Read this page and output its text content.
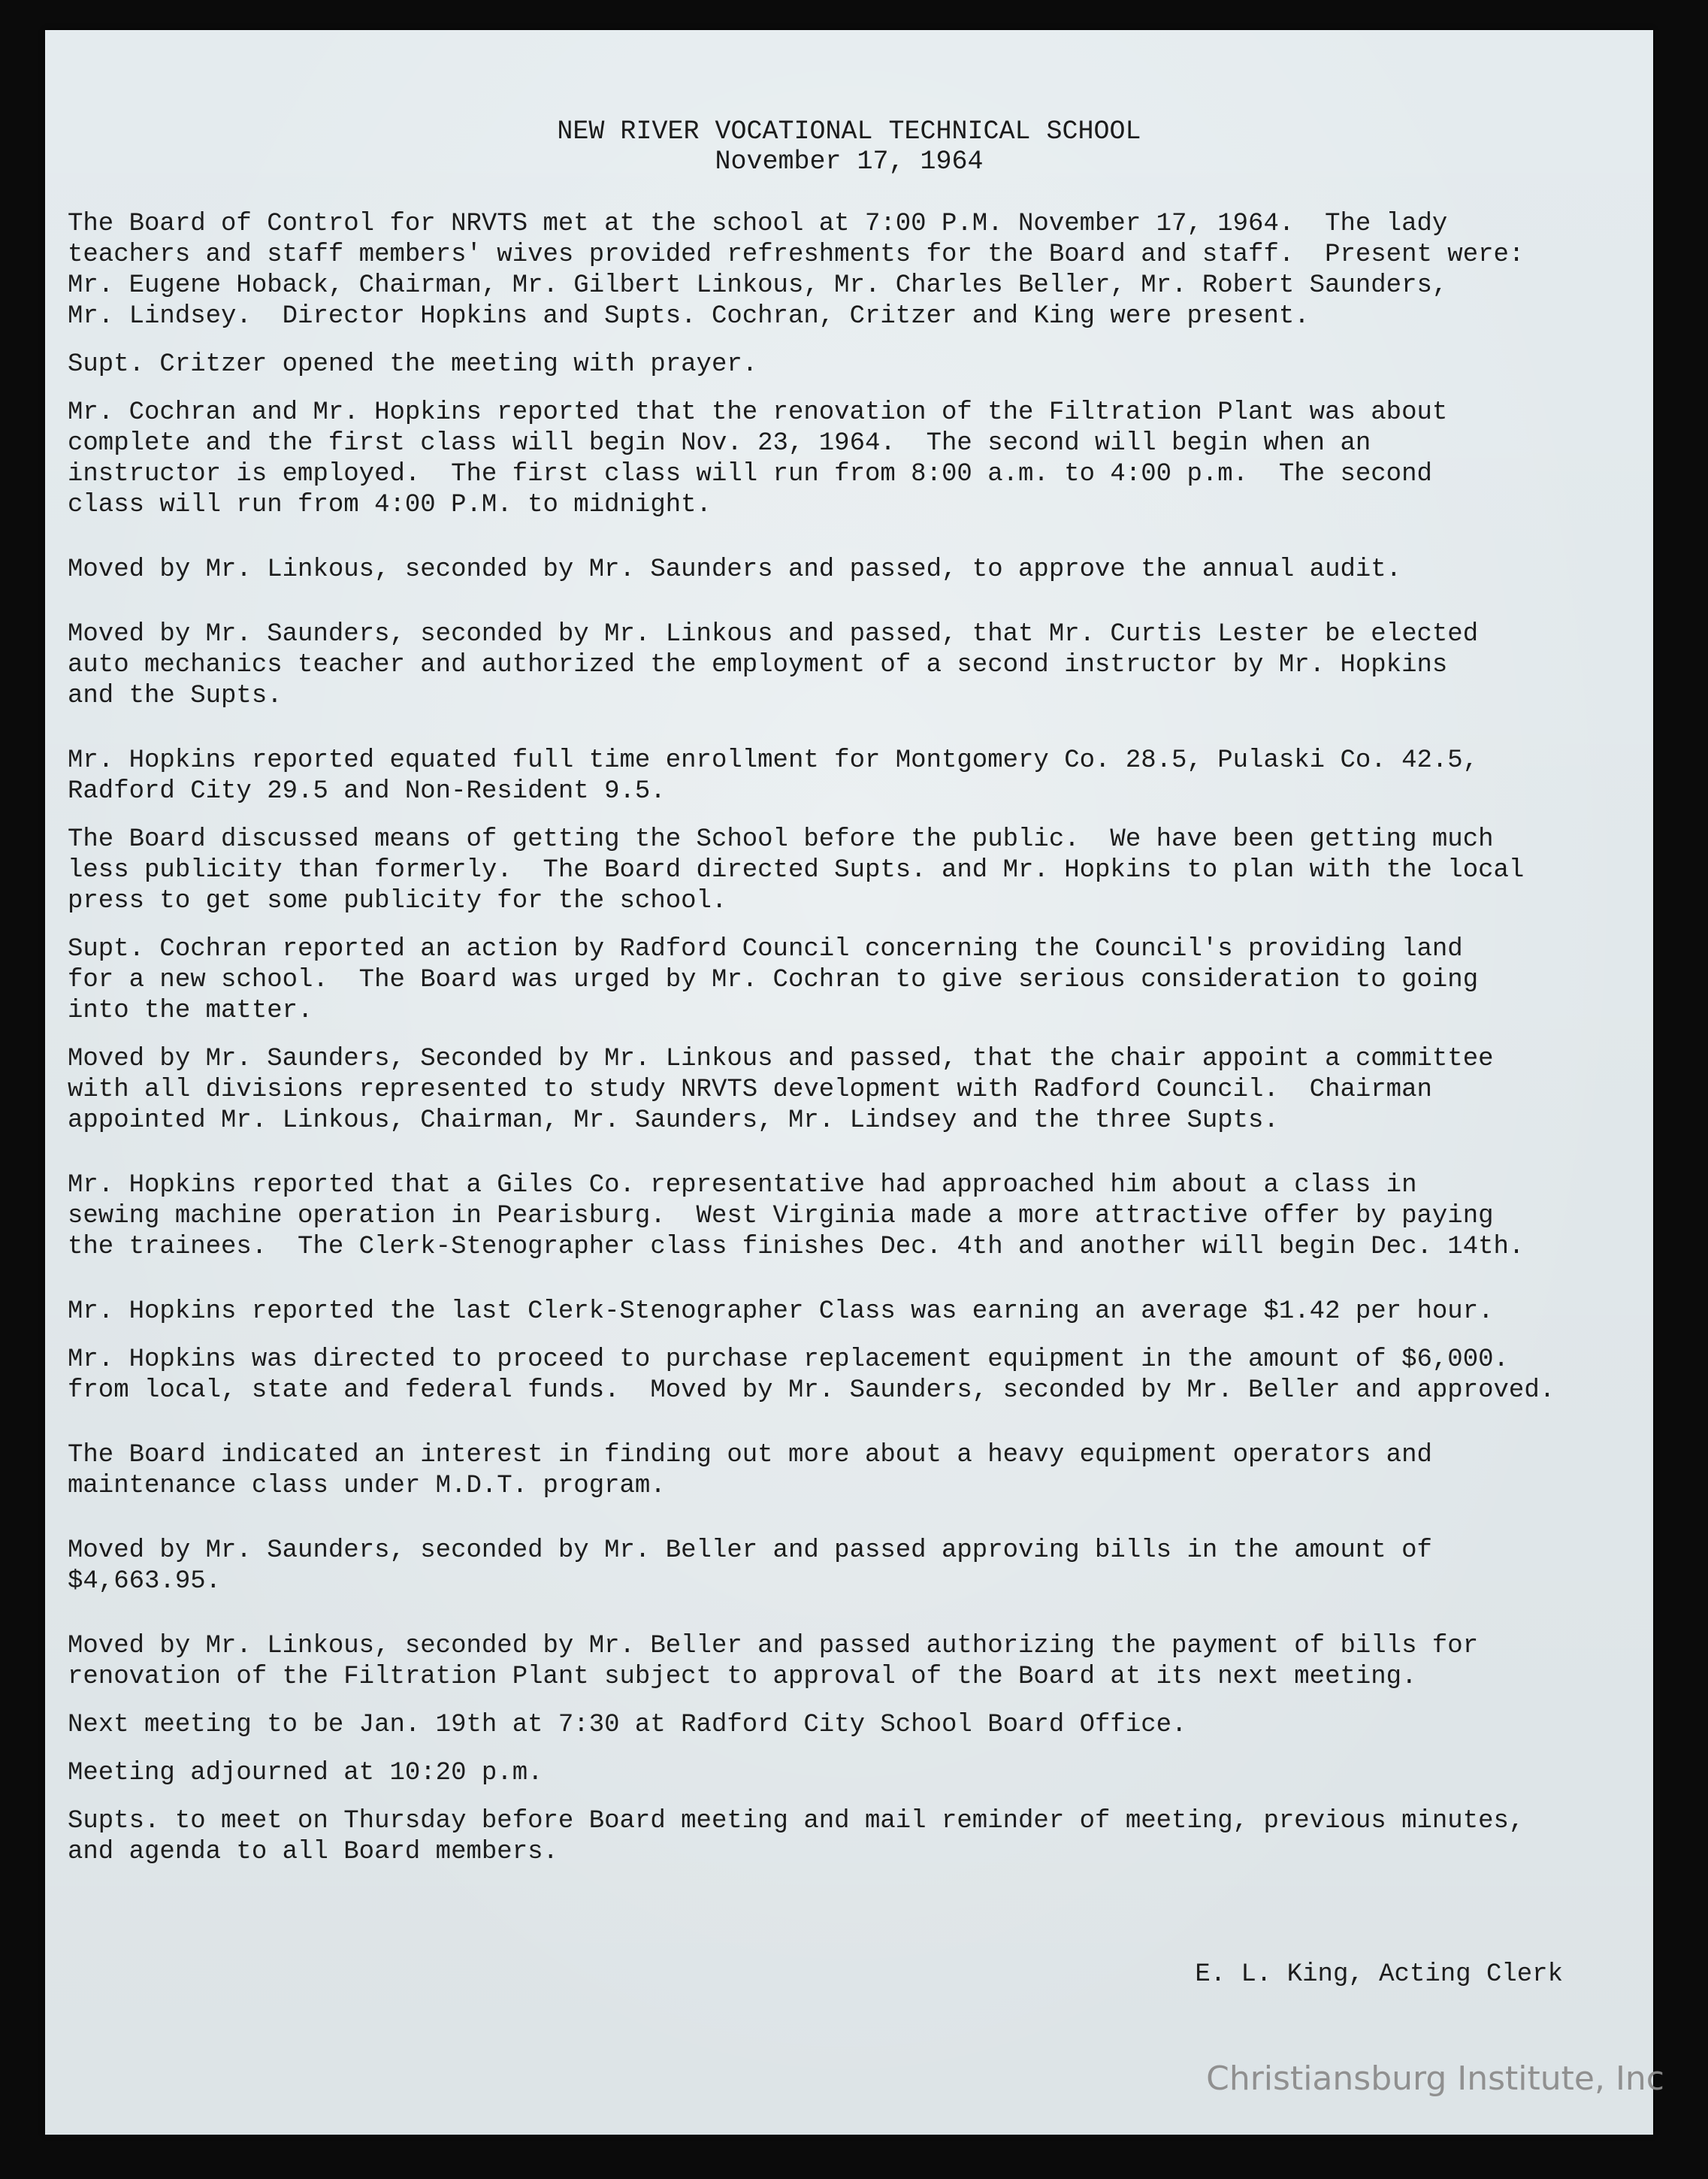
NEW RIVER VOCATIONAL TECHNICAL SCHOOL
November 17, 1964

The Board of Control for NRVTS met at the school at 7:00 P.M. November 17, 1964.  The lady
teachers and staff members' wives provided refreshments for the Board and staff.  Present were:
Mr. Eugene Hoback, Chairman, Mr. Gilbert Linkous, Mr. Charles Beller, Mr. Robert Saunders,
Mr. Lindsey.  Director Hopkins and Supts. Cochran, Critzer and King were present.

Supt. Critzer opened the meeting with prayer.

Mr. Cochran and Mr. Hopkins reported that the renovation of the Filtration Plant was about
complete and the first class will begin Nov. 23, 1964.  The second will begin when an
instructor is employed.  The first class will run from 8:00 a.m. to 4:00 p.m.  The second
class will run from 4:00 P.M. to midnight.

Moved by Mr. Linkous, seconded by Mr. Saunders and passed, to approve the annual audit.

Moved by Mr. Saunders, seconded by Mr. Linkous and passed, that Mr. Curtis Lester be elected
auto mechanics teacher and authorized the employment of a second instructor by Mr. Hopkins
and the Supts.

Mr. Hopkins reported equated full time enrollment for Montgomery Co. 28.5, Pulaski Co. 42.5,
Radford City 29.5 and Non-Resident 9.5.

The Board discussed means of getting the School before the public.  We have been getting much
less publicity than formerly.  The Board directed Supts. and Mr. Hopkins to plan with the local
press to get some publicity for the school.

Supt. Cochran reported an action by Radford Council concerning the Council's providing land
for a new school.  The Board was urged by Mr. Cochran to give serious consideration to going
into the matter.

Moved by Mr. Saunders, Seconded by Mr. Linkous and passed, that the chair appoint a committee
with all divisions represented to study NRVTS development with Radford Council.  Chairman
appointed Mr. Linkous, Chairman, Mr. Saunders, Mr. Lindsey and the three Supts.

Mr. Hopkins reported that a Giles Co. representative had approached him about a class in
sewing machine operation in Pearisburg.  West Virginia made a more attractive offer by paying
the trainees.  The Clerk-Stenographer class finishes Dec. 4th and another will begin Dec. 14th.

Mr. Hopkins reported the last Clerk-Stenographer Class was earning an average $1.42 per hour.

Mr. Hopkins was directed to proceed to purchase replacement equipment in the amount of $6,000.
from local, state and federal funds.  Moved by Mr. Saunders, seconded by Mr. Beller and approved.

The Board indicated an interest in finding out more about a heavy equipment operators and
maintenance class under M.D.T. program.

Moved by Mr. Saunders, seconded by Mr. Beller and passed approving bills in the amount of
$4,663.95.

Moved by Mr. Linkous, seconded by Mr. Beller and passed authorizing the payment of bills for
renovation of the Filtration Plant subject to approval of the Board at its next meeting.

Next meeting to be Jan. 19th at 7:30 at Radford City School Board Office.

Meeting adjourned at 10:20 p.m.

Supts. to meet on Thursday before Board meeting and mail reminder of meeting, previous minutes,
and agenda to all Board members.

E. L. King, Acting Clerk
Christiansburg Institute, Inc
